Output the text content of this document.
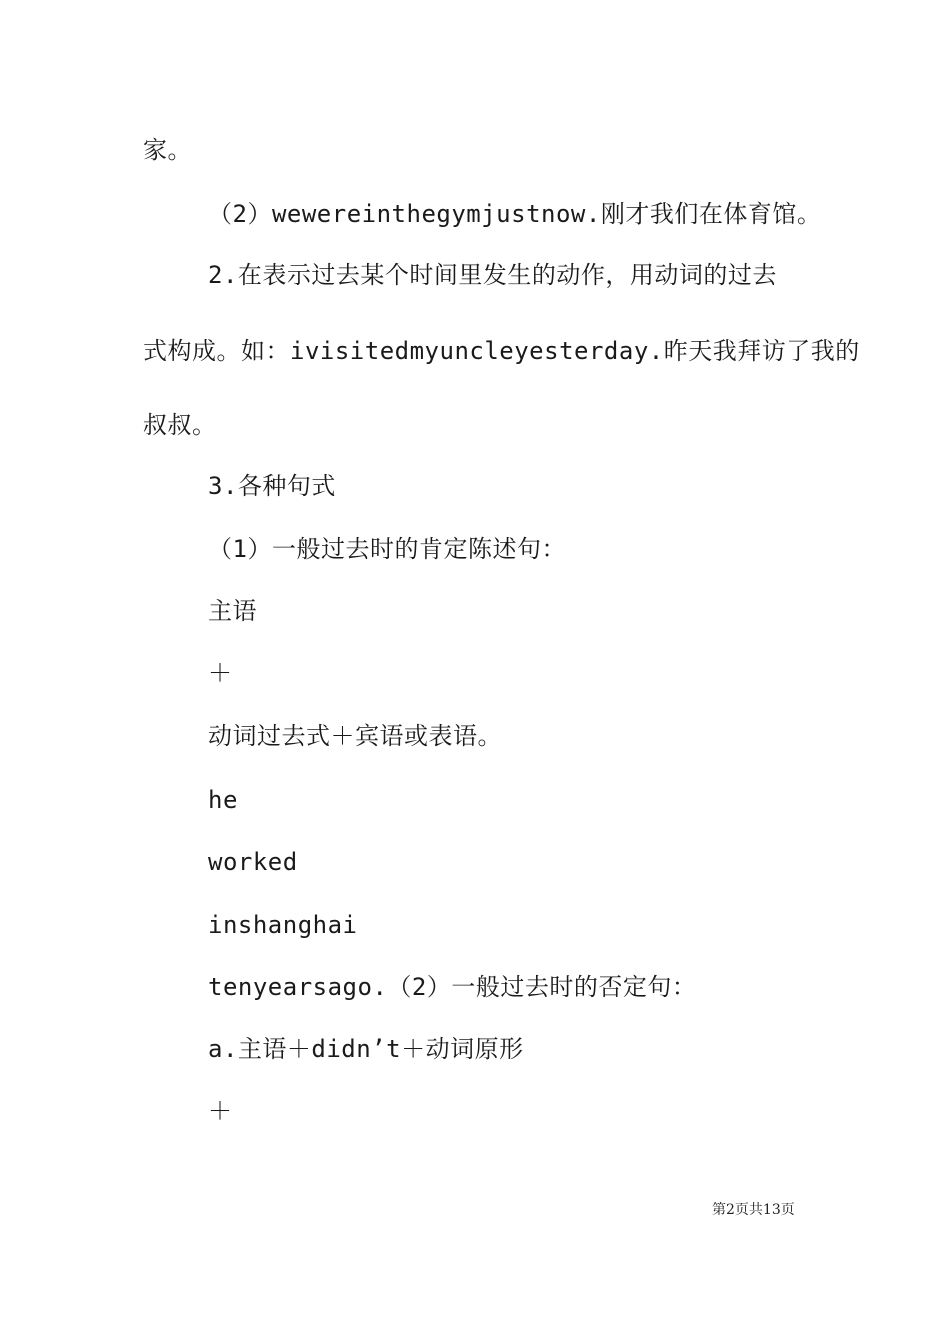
家。
（2）wewereinthegymjustnow.刚才我们在体育馆。
2.在表示过去某个时间里发生的动作，用动词的过去
式构成。如：ivisitedmyuncleyesterday.昨天我拜访了我的
叔叔。
3.各种句式
（1）一般过去时的肯定陈述句：
主语
＋
动词过去式＋宾语或表语。
he
worked
inshanghai
tenyearsago.（2）一般过去时的否定句：
a.主语＋didn’t＋动词原形
＋
第2页共13页
